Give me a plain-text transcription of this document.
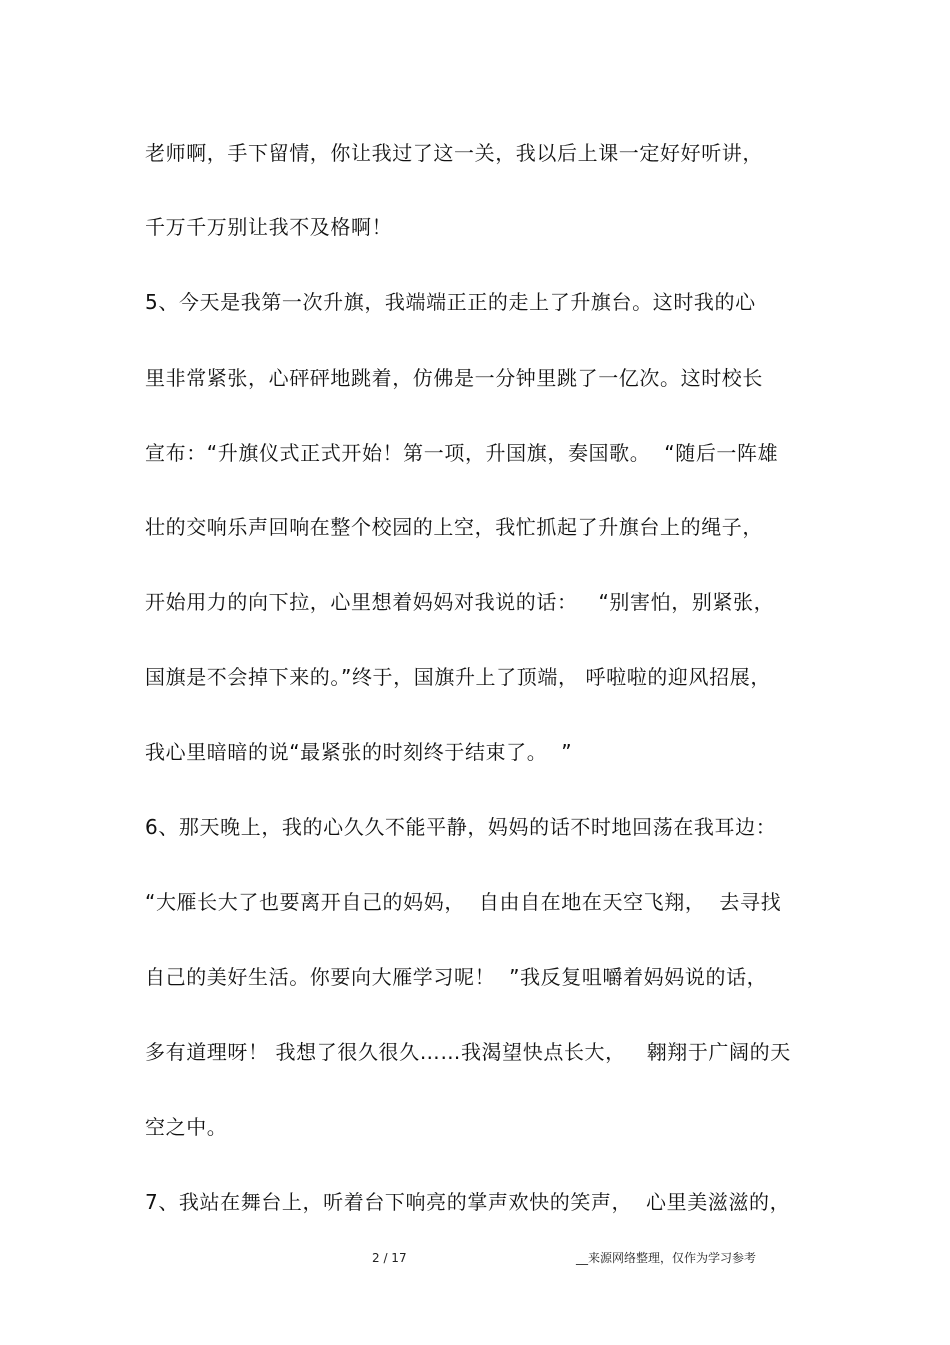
老师啊，手下留情，你让我过了这一关，我以后上课一定好好听讲，
千万千万别让我不及格啊！
5、今天是我第一次升旗，我端端正正的走上了升旗台。这时我的心
里非常紧张，心砰砰地跳着，仿佛是一分钟里跳了一亿次。这时校长
宣布：“升旗仪式正式开始！第一项，升国旗，奏国歌。  “随后一阵雄
壮的交响乐声回响在整个校园的上空，我忙抓起了升旗台上的绳子，
开始用力的向下拉，心里想着妈妈对我说的话：   “别害怕，别紧张，
国旗是不会掉下来的。”终于，国旗升上了顶端， 呼啦啦的迎风招展，
我心里暗暗的说“最紧张的时刻终于结束了。  ”
6、那天晚上，我的心久久不能平静，妈妈的话不时地回荡在我耳边：
“大雁长大了也要离开自己的妈妈，  自由自在地在天空飞翔，  去寻找
自己的美好生活。你要向大雁学习呢！  ”我反复咀嚼着妈妈说的话，
多有道理呀！ 我想了很久很久……我渴望快点长大，   翱翔于广阔的天
空之中。
7、我站在舞台上，听着台下响亮的掌声欢快的笑声，  心里美滋滋的，
2 / 17	__来源网络整理，仅作为学习参考
